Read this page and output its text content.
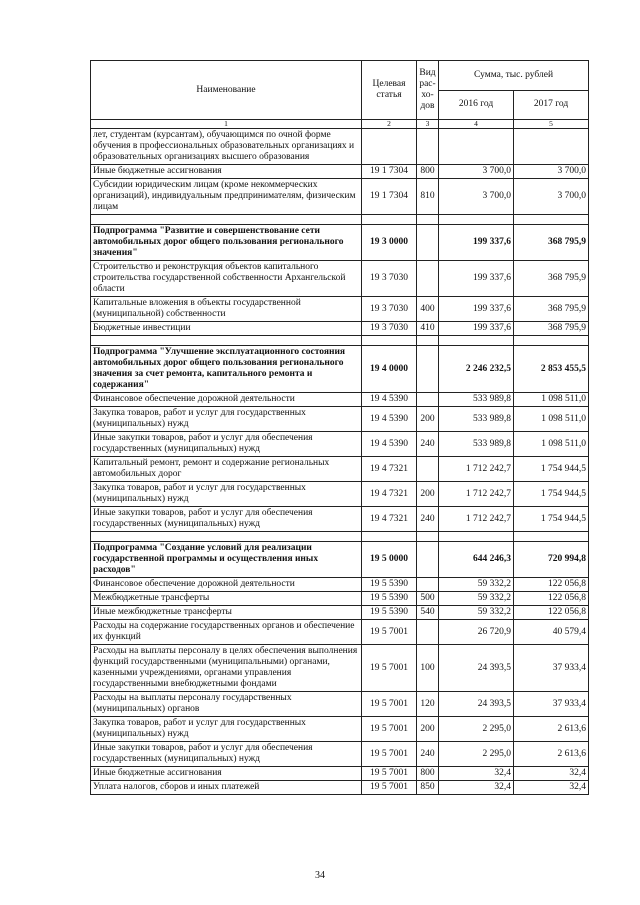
Наименование	Целевая статья	Вид рас- хо- дов	Сумма, тыс. рублей	
			2016 год	2017 год
1	2	3	4	5
лет, студентам (курсантам), обучающимся по очной форме обучения в профессиональных образовательных организациях и образовательных организациях высшего образования				
Иные бюджетные ассигнования	19 1 7304	800	3 700,0	3 700,0
Субсидии юридическим лицам (кроме некоммерческих организаций), индивидуальным предпринимателям, физическим лицам	19 1 7304	810	3 700,0	3 700,0

Подпрограмма "Развитие и совершенствование сети автомобильных дорог общего пользования регионального значения"	19 3 0000		199 337,6	368 795,9
Строительство и реконструкция объектов капитального строительства государственной собственности Архангельской области	19 3 7030		199 337,6	368 795,9
Капитальные вложения в объекты государственной (муниципальной) собственности	19 3 7030	400	199 337,6	368 795,9
Бюджетные инвестиции	19 3 7030	410	199 337,6	368 795,9

Подпрограмма "Улучшение эксплуатационного состояния автомобильных дорог общего пользования регионального значения за счет ремонта, капитального ремонта и содержания"	19 4 0000		2 246 232,5	2 853 455,5
Финансовое обеспечение дорожной деятельности	19 4 5390		533 989,8	1 098 511,0
Закупка товаров, работ и услуг для государственных (муниципальных) нужд	19 4 5390	200	533 989,8	1 098 511,0
Иные закупки товаров, работ и услуг для обеспечения государственных (муниципальных) нужд	19 4 5390	240	533 989,8	1 098 511,0
Капитальный ремонт, ремонт и содержание региональных автомобильных дорог	19 4 7321		1 712 242,7	1 754 944,5
Закупка товаров, работ и услуг для государственных (муниципальных) нужд	19 4 7321	200	1 712 242,7	1 754 944,5
Иные закупки товаров, работ и услуг для обеспечения государственных (муниципальных) нужд	19 4 7321	240	1 712 242,7	1 754 944,5

Подпрограмма "Создание условий для реализации государственной программы и осуществления иных расходов"	19 5 0000		644 246,3	720 994,8
Финансовое обеспечение дорожной деятельности	19 5 5390		59 332,2	122 056,8
Межбюджетные трансферты	19 5 5390	500	59 332,2	122 056,8
Иные межбюджетные трансферты	19 5 5390	540	59 332,2	122 056,8
Расходы на содержание государственных органов и обеспечение их функций	19 5 7001		26 720,9	40 579,4
Расходы на выплаты персоналу в целях обеспечения выполнения функций государственными (муниципальными) органами, казенными учреждениями, органами управления государственными внебюджетными фондами	19 5 7001	100	24 393,5	37 933,4
Расходы на выплаты персоналу государственных (муниципальных) органов	19 5 7001	120	24 393,5	37 933,4
Закупка товаров, работ и услуг для государственных (муниципальных) нужд	19 5 7001	200	2 295,0	2 613,6
Иные закупки товаров, работ и услуг для обеспечения государственных (муниципальных) нужд	19 5 7001	240	2 295,0	2 613,6
Иные бюджетные ассигнования	19 5 7001	800	32,4	32,4
Уплата налогов, сборов и иных платежей	19 5 7001	850	32,4	32,4
34
